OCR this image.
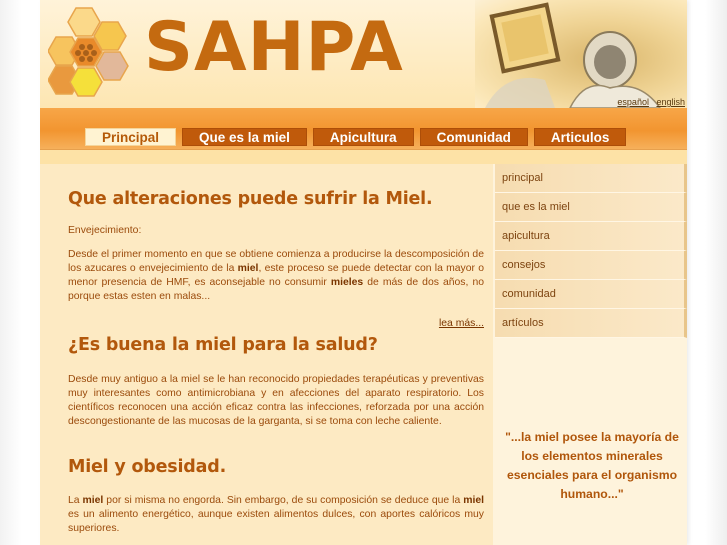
SAHPA
español english
Principal	Que es la miel	Apicultura	Comunidad	Articulos
Que alteraciones puede sufrir la Miel.

Envejecimiento:

Desde el primer momento en que se obtiene comienza a producirse la descomposición de los azucares o envejecimiento de la miel, este proceso se puede detectar con la mayor o menor presencia de HMF, es aconsejable no consumir mieles de más de dos años, no porque estas esten en malas...

lea más...
¿Es buena la miel para la salud?

Desde muy antiguo a la miel se le han reconocido propiedades terapéuticas y preventivas muy interesantes como antimicrobiana y en afecciones del aparato respiratorio. Los científicos reconocen una acción eficaz contra las infecciones, reforzada por una acción descongestionante de las mucosas de la garganta, si se toma con leche caliente.

Miel y obesidad.

La miel por si misma no engorda. Sin embargo, de su composición se deduce que la miel es un alimento energético, aunque existen alimentos dulces, con aportes calóricos muy superiores.

principal
que es la miel
apicultura
consejos
comunidad
artículos
"...la miel posee la mayoría de los elementos minerales esenciales para el organismo humano..."
